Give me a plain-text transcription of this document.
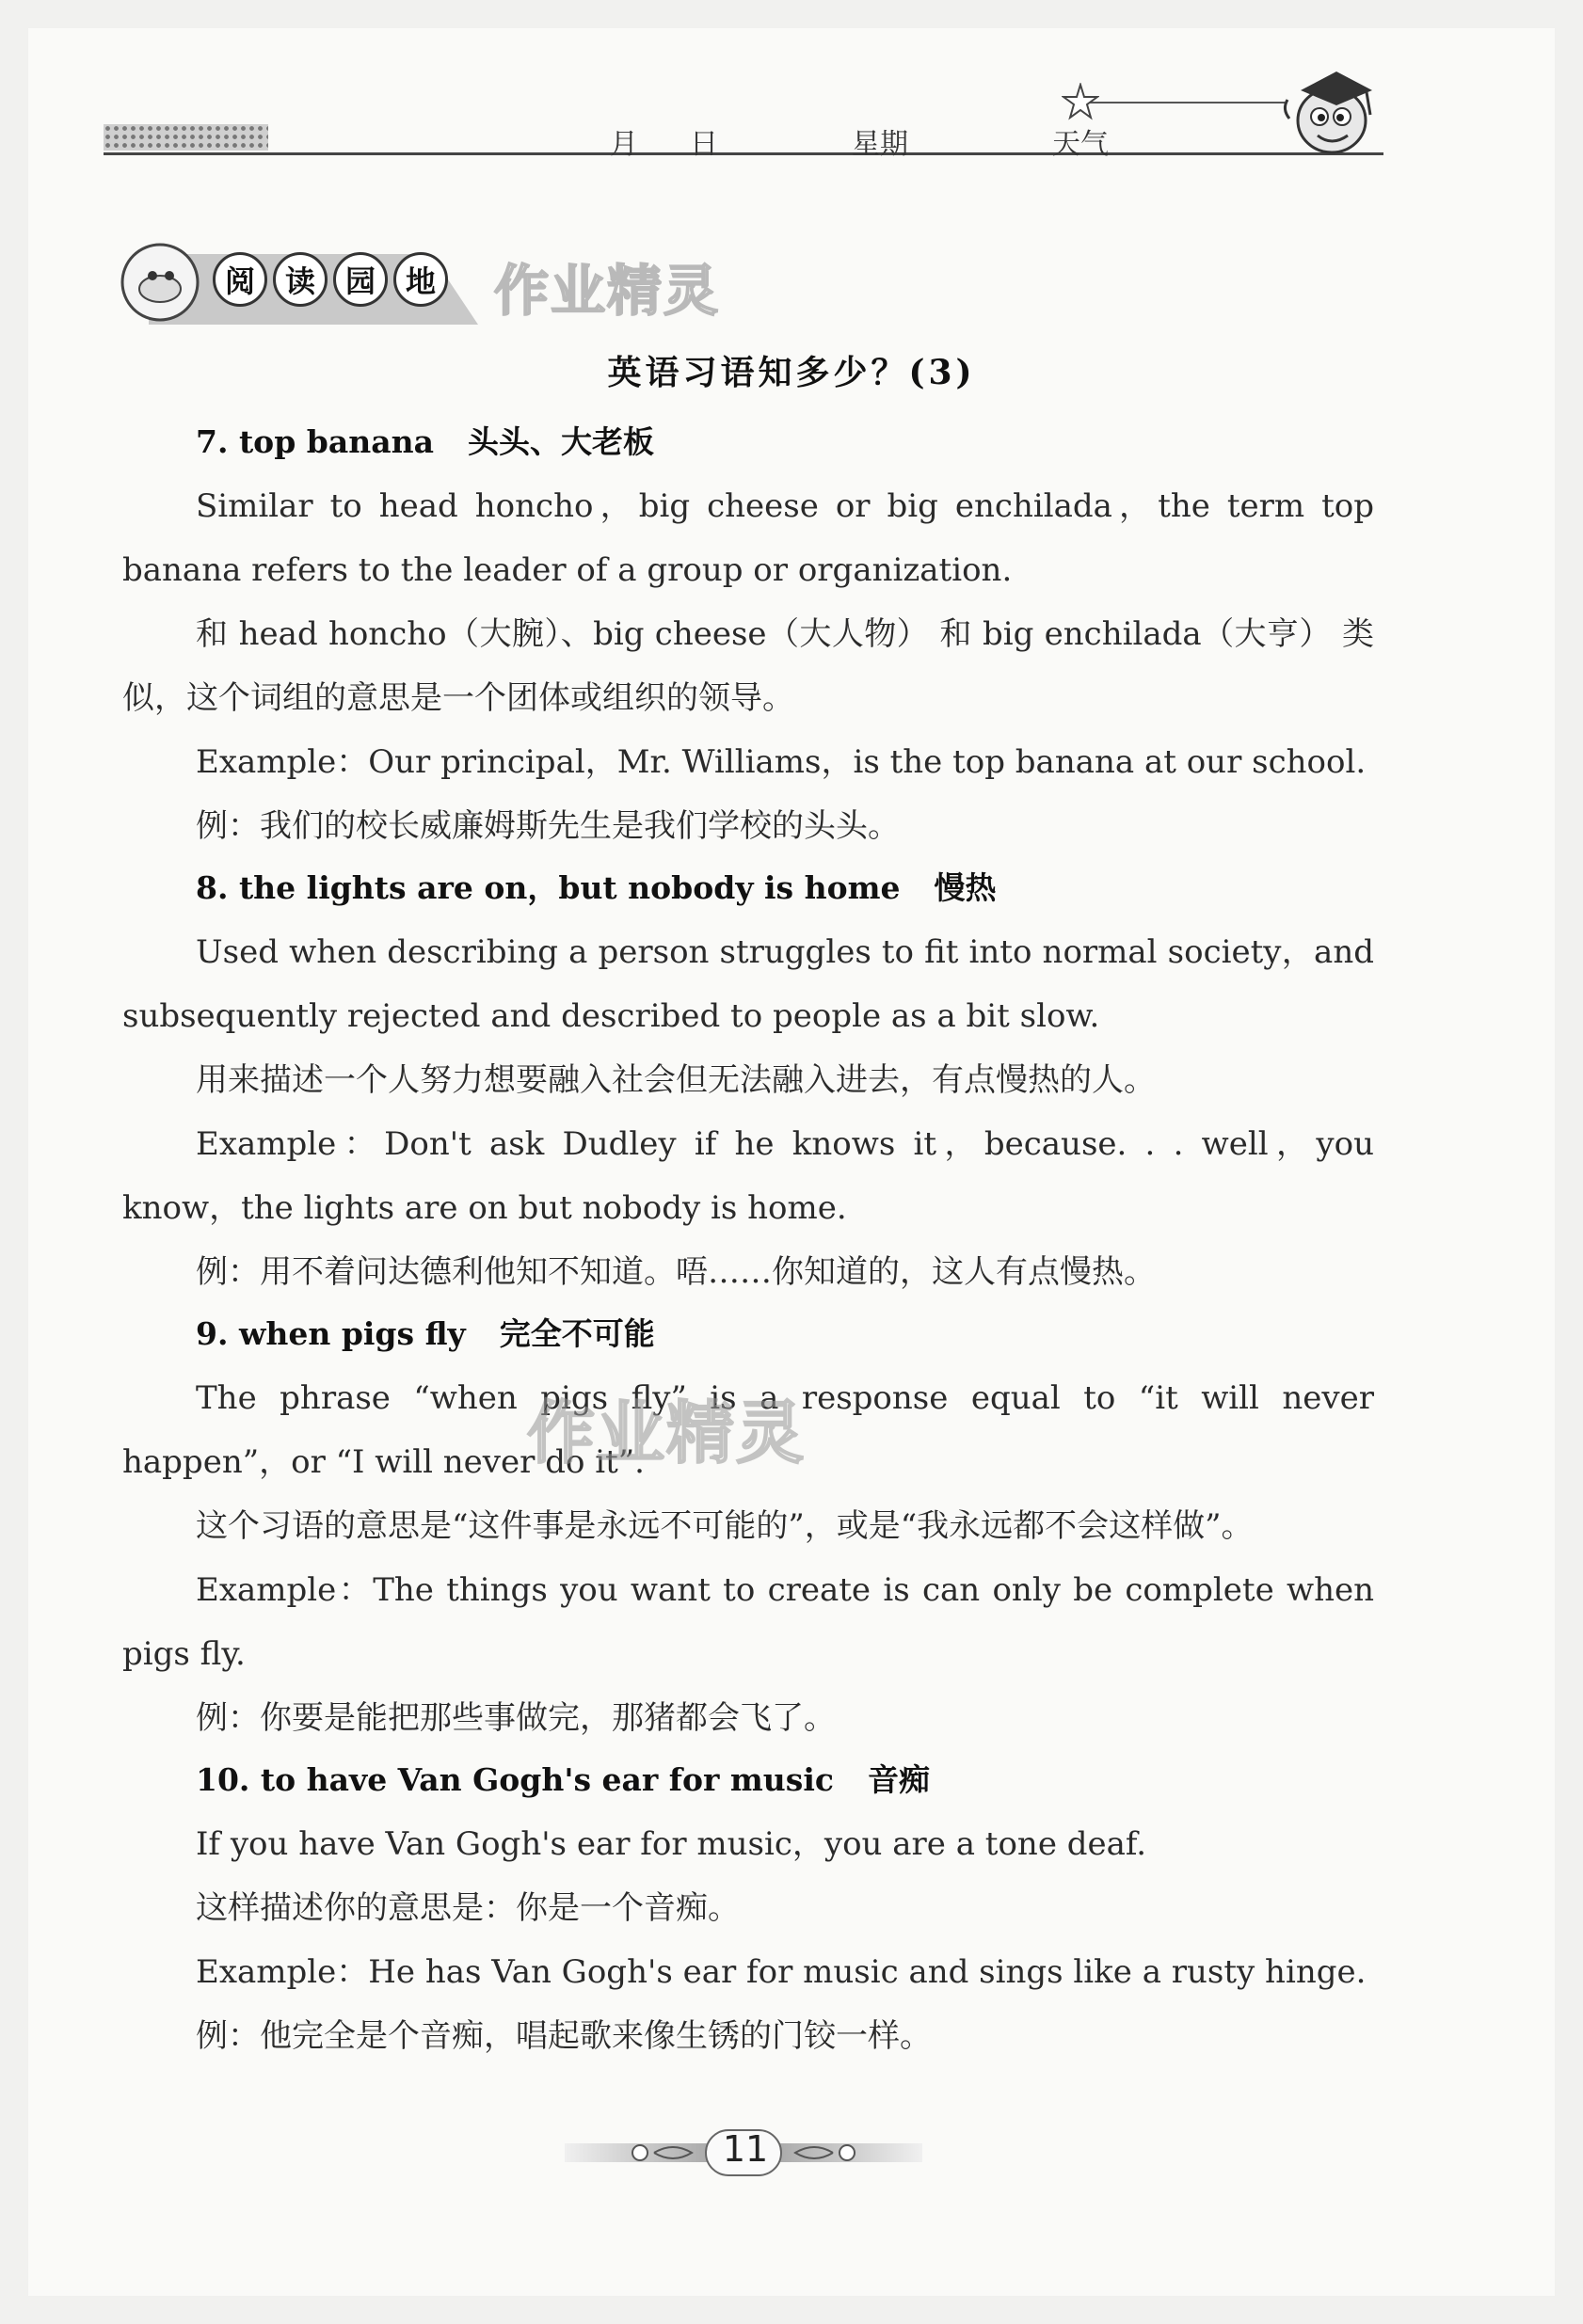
月 日	星期	天气
阅 读 园 地 作业精灵
英语习语知多少？(3)

7. top banana 头头、大老板

Similar to head honcho，big cheese or big enchilada，the term top banana refers to the leader of a group or organization.

和 head honcho（大腕）、big cheese（大人物） 和 big enchilada（大亨） 类似，这个词组的意思是一个团体或组织的领导。

Example：Our principal，Mr. Williams，is the top banana at our school.

例：我们的校长威廉姆斯先生是我们学校的头头。

8. the lights are on，but nobody is home 慢热

Used when describing a person struggles to fit into normal society，and subsequently rejected and described to people as a bit slow.

用来描述一个人努力想要融入社会但无法融入进去，有点慢热的人。

Example：Don't ask Dudley if he knows it，because. . . well，you know，the lights are on but nobody is home.

例：用不着问达德利他知不知道。唔……你知道的，这人有点慢热。

9. when pigs fly 完全不可能

The phrase “when pigs fly” is a response equal to “it will never happen”，or “I will never do it”.

这个习语的意思是“这件事是永远不可能的”，或是“我永远都不会这样做”。

Example：The things you want to create is can only be complete when pigs fly.

例：你要是能把那些事做完，那猪都会飞了。

作业精灵

10. to have Van Gogh's ear for music 音痴

If you have Van Gogh's ear for music，you are a tone deaf.

这样描述你的意思是：你是一个音痴。

Example：He has Van Gogh's ear for music and sings like a rusty hinge.

例：他完全是个音痴，唱起歌来像生锈的门铰一样。

11
